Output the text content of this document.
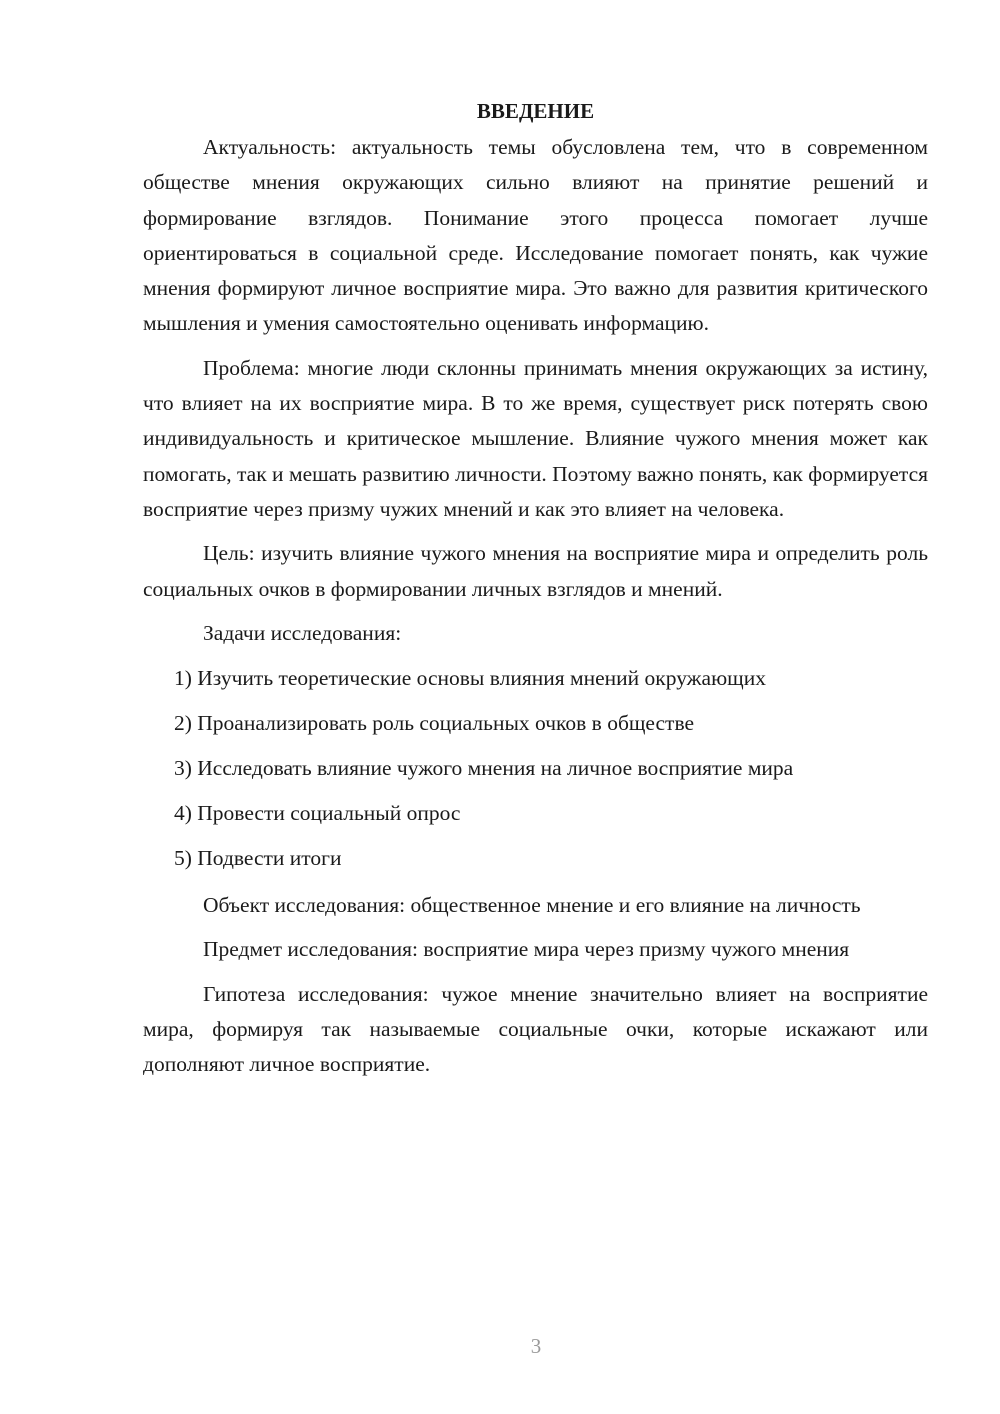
ВВЕДЕНИЕ

Актуальность: актуальность темы обусловлена тем, что в современном обществе мнения окружающих сильно влияют на принятие решений и формирование взглядов. Понимание этого процесса помогает лучше ориентироваться в социальной среде. Исследование помогает понять, как чужие мнения формируют личное восприятие мира. Это важно для развития критического мышления и умения самостоятельно оценивать информацию.

Проблема: многие люди склонны принимать мнения окружающих за истину, что влияет на их восприятие мира. В то же время, существует риск потерять свою индивидуальность и критическое мышление. Влияние чужого мнения может как помогать, так и мешать развитию личности. Поэтому важно понять, как формируется восприятие через призму чужих мнений и как это влияет на человека.

Цель: изучить влияние чужого мнения на восприятие мира и определить роль социальных очков в формировании личных взглядов и мнений.

Задачи исследования:

1) Изучить теоретические основы влияния мнений окружающих
2) Проанализировать роль социальных очков в обществе
3) Исследовать влияние чужого мнения на личное восприятие мира
4) Провести социальный опрос
5) Подвести итоги

Объект исследования: общественное мнение и его влияние на личность

Предмет исследования: восприятие мира через призму чужого мнения

Гипотеза исследования: чужое мнение значительно влияет на восприятие мира, формируя так называемые социальные очки, которые искажают или дополняют личное восприятие.

3
